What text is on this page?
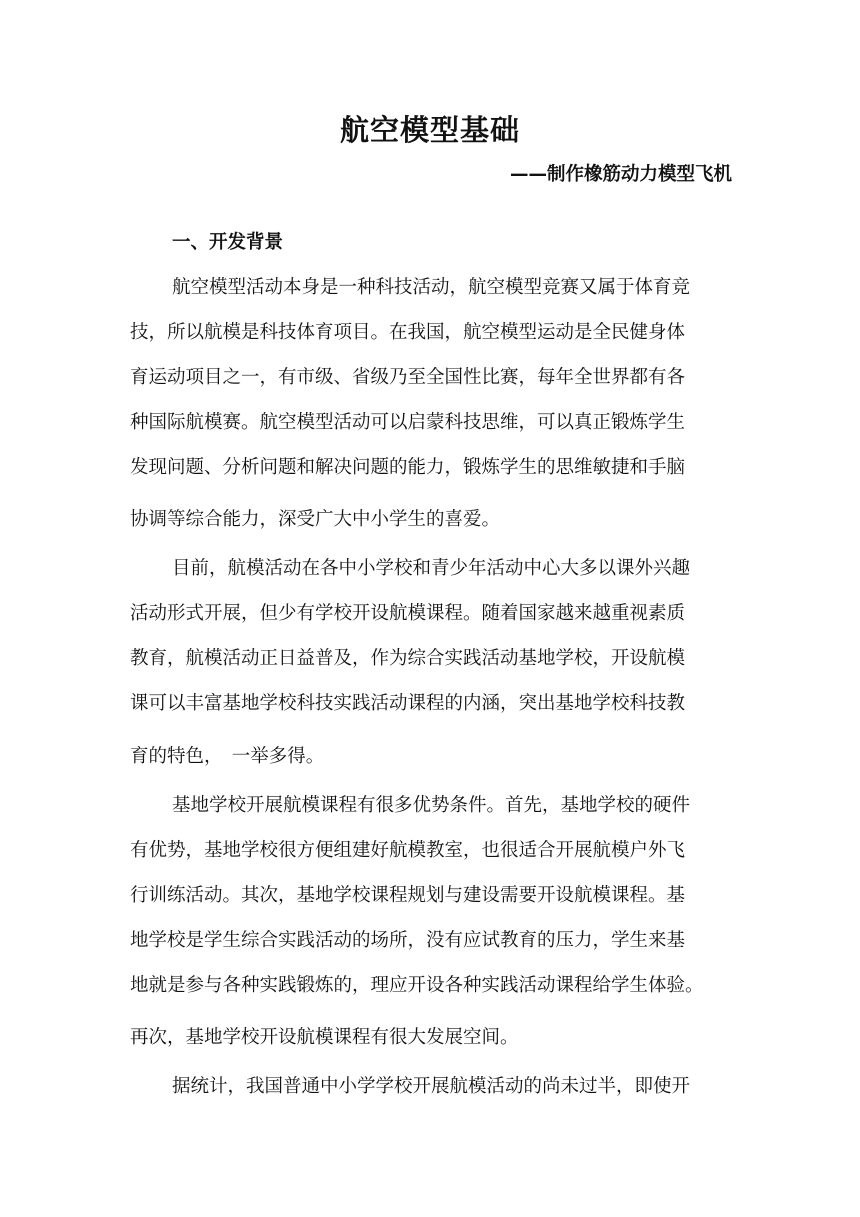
航空模型基础
——制作橡筋动力模型飞机
一、开发背景
航空模型活动本身是一种科技活动，航空模型竞赛又属于体育竞
技，所以航模是科技体育项目。在我国，航空模型运动是全民健身体
育运动项目之一，有市级、省级乃至全国性比赛，每年全世界都有各
种国际航模赛。航空模型活动可以启蒙科技思维，可以真正锻炼学生
发现问题、分析问题和解决问题的能力，锻炼学生的思维敏捷和手脑
协调等综合能力，深受广大中小学生的喜爱。
目前，航模活动在各中小学校和青少年活动中心大多以课外兴趣
活动形式开展，但少有学校开设航模课程。随着国家越来越重视素质
教育，航模活动正日益普及，作为综合实践活动基地学校，开设航模
课可以丰富基地学校科技实践活动课程的内涵，突出基地学校科技教
育的特色，　一举多得。
基地学校开展航模课程有很多优势条件。首先，基地学校的硬件
有优势，基地学校很方便组建好航模教室，也很适合开展航模户外飞
行训练活动。其次，基地学校课程规划与建设需要开设航模课程。基
地学校是学生综合实践活动的场所，没有应试教育的压力，学生来基
地就是参与各种实践锻炼的，理应开设各种实践活动课程给学生体验。
再次，基地学校开设航模课程有很大发展空间。
据统计，我国普通中小学学校开展航模活动的尚未过半，即使开
